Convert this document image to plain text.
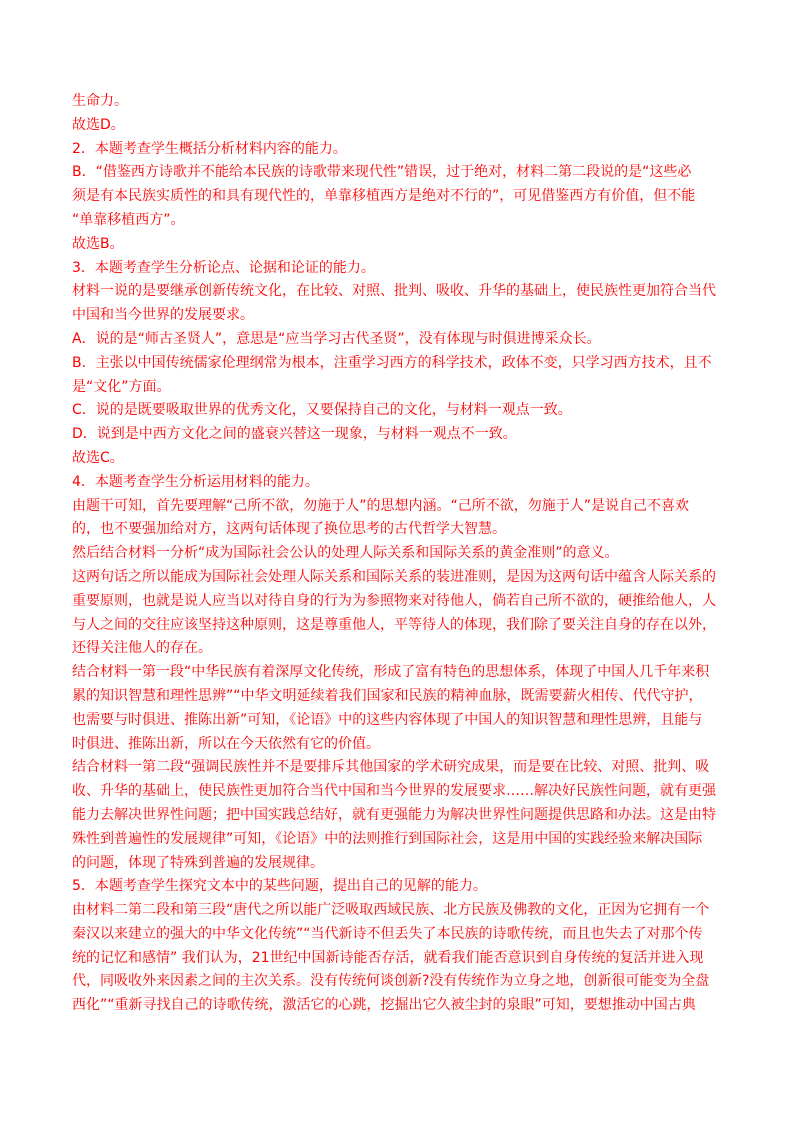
生命力。
故选D。
2．本题考查学生概括分析材料内容的能力。
B．“借鉴西方诗歌并不能给本民族的诗歌带来现代性”错误，过于绝对，材料二第二段说的是“这些必
须是有本民族实质性的和具有现代性的，单靠移植西方是绝对不行的”，可见借鉴西方有价值，但不能
“单靠移植西方”。
故选B。
3．本题考查学生分析论点、论据和论证的能力。
材料一说的是要继承创新传统文化，在比较、对照、批判、吸收、升华的基础上，使民族性更加符合当代
中国和当今世界的发展要求。
A．说的是“师古圣贤人”，意思是“应当学习古代圣贤”，没有体现与时俱进博采众长。
B．主张以中国传统儒家伦理纲常为根本，注重学习西方的科学技术，政体不变，只学习西方技术，且不
是“文化”方面。
C．说的是既要吸取世界的优秀文化，又要保持自己的文化，与材料一观点一致。
D．说到是中西方文化之间的盛衰兴替这一现象，与材料一观点不一致。
故选C。
4．本题考查学生分析运用材料的能力。
由题干可知，首先要理解“己所不欲，勿施于人”的思想内涵。“己所不欲，勿施于人”是说自己不喜欢
的，也不要强加给对方，这两句话体现了换位思考的古代哲学大智慧。
然后结合材料一分析“成为国际社会公认的处理人际关系和国际关系的黄金准则”的意义。
这两句话之所以能成为国际社会处理人际关系和国际关系的装进准则，是因为这两句话中蕴含人际关系的
重要原则，也就是说人应当以对待自身的行为为参照物来对待他人，倘若自己所不欲的，硬推给他人，人
与人之间的交往应该坚持这种原则，这是尊重他人，平等待人的体现，我们除了要关注自身的存在以外，
还得关注他人的存在。
结合材料一第一段“中华民族有着深厚文化传统，形成了富有特色的思想体系，体现了中国人几千年来积
累的知识智慧和理性思辨”“中华文明延续着我们国家和民族的精神血脉，既需要薪火相传、代代守护，
也需要与时俱进、推陈出新”可知，《论语》中的这些内容体现了中国人的知识智慧和理性思辨，且能与
时俱进、推陈出新，所以在今天依然有它的价值。
结合材料一第二段“强调民族性并不是要排斥其他国家的学术研究成果，而是要在比较、对照、批判、吸
收、升华的基础上，使民族性更加符合当代中国和当今世界的发展要求……解决好民族性问题，就有更强
能力去解决世界性问题；把中国实践总结好，就有更强能力为解决世界性问题提供思路和办法。这是由特
殊性到普遍性的发展规律”可知，《论语》中的法则推行到国际社会，这是用中国的实践经验来解决国际
的问题，体现了特殊到普遍的发展规律。
5．本题考查学生探究文本中的某些问题，提出自己的见解的能力。
由材料二第二段和第三段“唐代之所以能广泛吸取西域民族、北方民族及佛教的文化，正因为它拥有一个
秦汉以来建立的强大的中华文化传统”“当代新诗不但丢失了本民族的诗歌传统，而且也失去了对那个传
统的记忆和感情” 我们认为，21世纪中国新诗能否存活，就看我们能否意识到自身传统的复活并进入现
代，同吸收外来因素之间的主次关系。没有传统何谈创新?没有传统作为立身之地，创新很可能变为全盘
西化”“重新寻找自己的诗歌传统，激活它的心跳，挖掘出它久被尘封的泉眼”可知，要想推动中国古典
